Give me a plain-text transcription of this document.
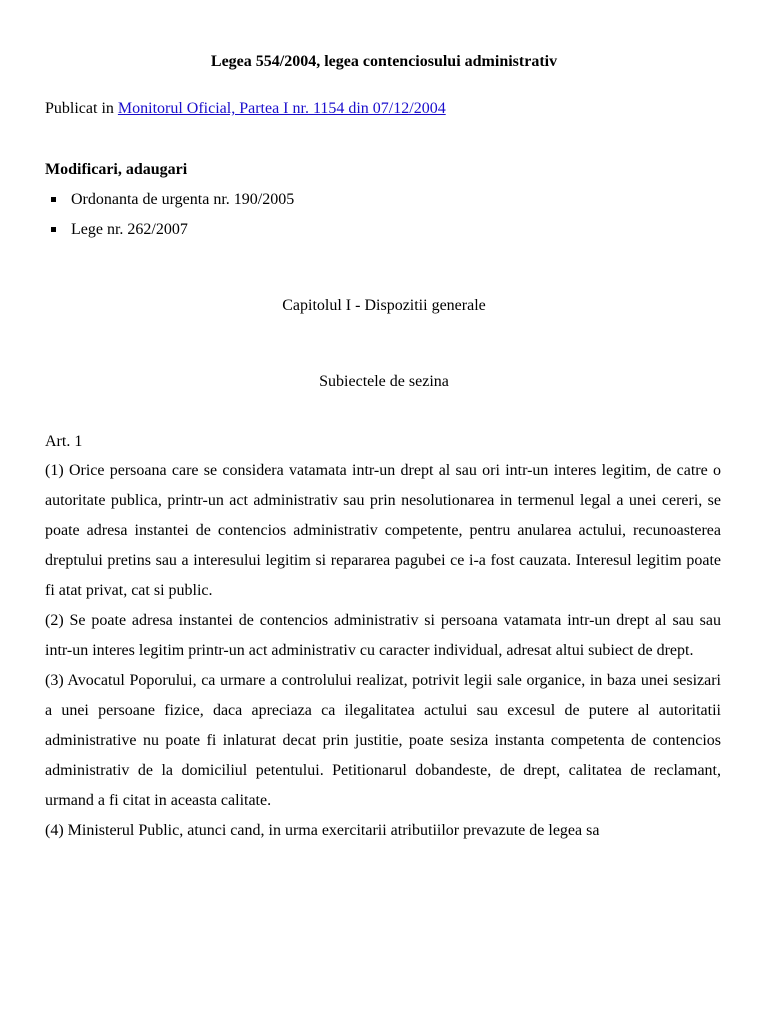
Legea 554/2004, legea contenciosului administrativ
Publicat in Monitorul Oficial, Partea I nr. 1154 din 07/12/2004
Modificari, adaugari
Ordonanta de urgenta nr. 190/2005
Lege nr. 262/2007
Capitolul I - Dispozitii generale
Subiectele de sezina
Art. 1

(1) Orice persoana care se considera vatamata intr-un drept al sau ori intr-un interes legitim, de catre o autoritate publica, printr-un act administrativ sau prin nesolutionarea in termenul legal a unei cereri, se poate adresa instantei de contencios administrativ competente, pentru anularea actului, recunoasterea dreptului pretins sau a interesului legitim si repararea pagubei ce i-a fost cauzata. Interesul legitim poate fi atat privat, cat si public.

(2) Se poate adresa instantei de contencios administrativ si persoana vatamata intr-un drept al sau sau intr-un interes legitim printr-un act administrativ cu caracter individual, adresat altui subiect de drept.

(3) Avocatul Poporului, ca urmare a controlului realizat, potrivit legii sale organice, in baza unei sesizari a unei persoane fizice, daca apreciaza ca ilegalitatea actului sau excesul de putere al autoritatii administrative nu poate fi inlaturat decat prin justitie, poate sesiza instanta competenta de contencios administrativ de la domiciliul petentului. Petitionarul dobandeste, de drept, calitatea de reclamant, urmand a fi citat in aceasta calitate.

(4) Ministerul Public, atunci cand, in urma exercitarii atributiilor prevazute de legea sa
